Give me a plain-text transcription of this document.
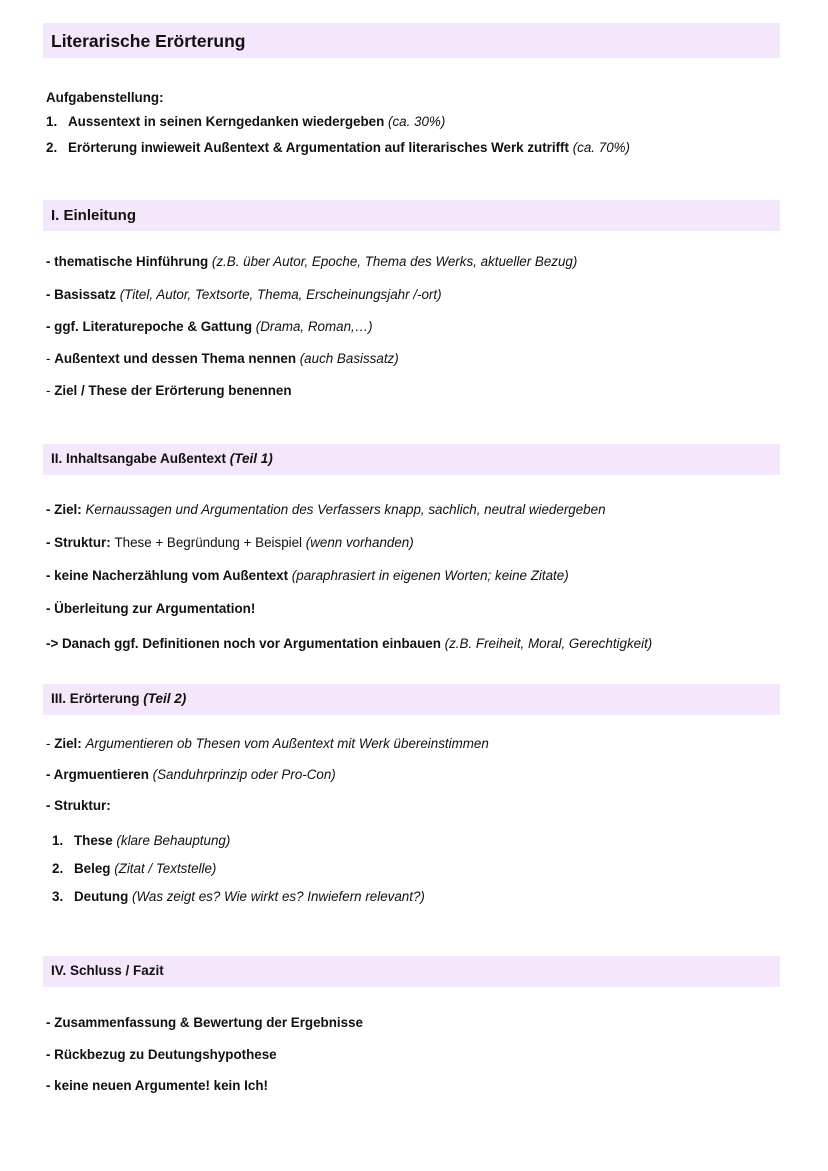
Literarische Erörterung
Aufgabenstellung:
1. Aussentext in seinen Kerngedanken wiedergeben (ca. 30%)
2. Erörterung inwieweit Außentext & Argumentation auf literarisches Werk zutrifft (ca. 70%)
I. Einleitung
- thematische Hinführung (z.B. über Autor, Epoche, Thema des Werks, aktueller Bezug)
- Basissatz (Titel, Autor, Textsorte, Thema, Erscheinungsjahr /-ort)
- ggf. Literaturepoche & Gattung (Drama, Roman,…)
- Außentext und dessen Thema nennen (auch Basissatz)
- Ziel / These der Erörterung benennen
II. Inhaltsangabe Außentext (Teil 1)
- Ziel: Kernaussagen und Argumentation des Verfassers knapp, sachlich, neutral wiedergeben
- Struktur: These + Begründung + Beispiel (wenn vorhanden)
- keine Nacherzählung vom Außentext (paraphrasiert in eigenen Worten; keine Zitate)
- Überleitung zur Argumentation!
-> Danach ggf. Definitionen noch vor Argumentation einbauen (z.B. Freiheit, Moral, Gerechtigkeit)
III. Erörterung (Teil 2)
- Ziel: Argumentieren ob Thesen vom Außentext mit Werk übereinstimmen
- Argmuentieren (Sanduhrprinzip oder Pro-Con)
- Struktur:
1. These (klare Behauptung)
2. Beleg (Zitat / Textstelle)
3. Deutung (Was zeigt es? Wie wirkt es? Inwiefern relevant?)
IV. Schluss / Fazit
- Zusammenfassung & Bewertung der Ergebnisse
- Rückbezug zu Deutungshypothese
- keine neuen Argumente! kein Ich!
